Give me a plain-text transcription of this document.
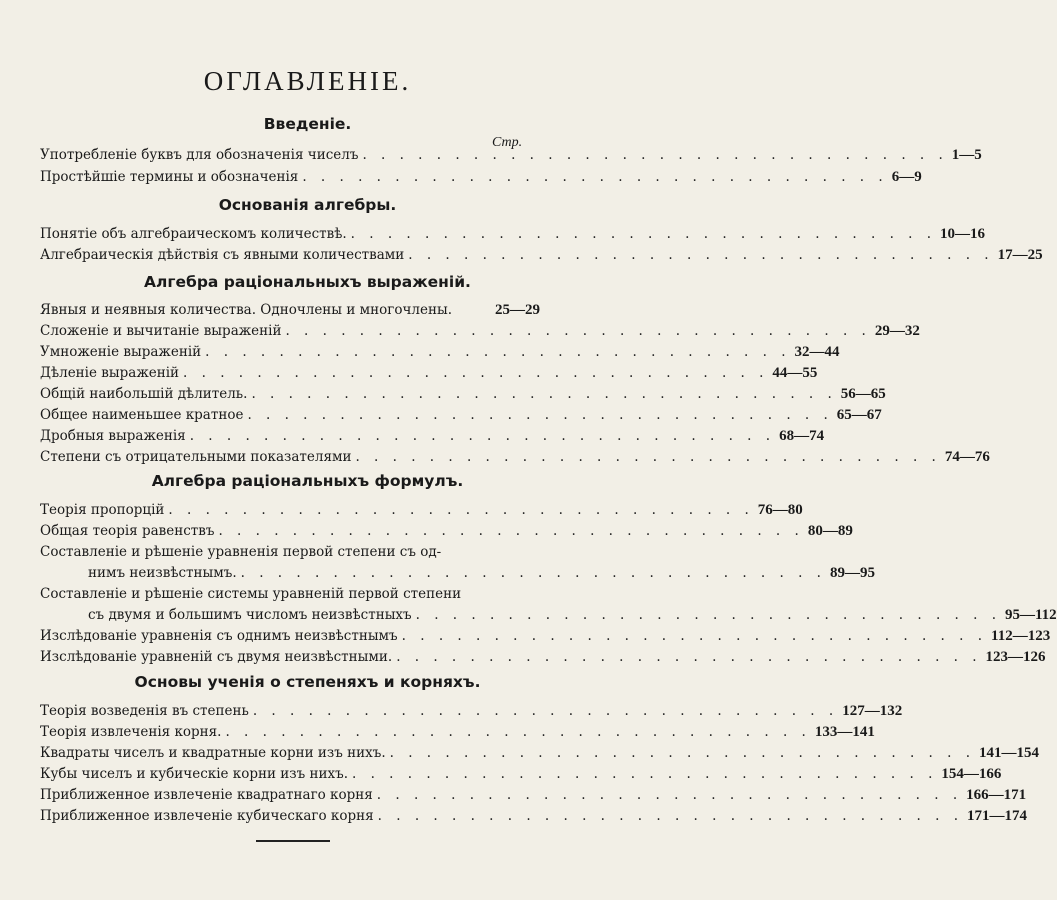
ОГЛАВЛЕНІЕ.
Стр.
Введеніе.
Употребленіе буквъ для обозначенія чиселъ . . . . . . . . . . . . . . . . . . . . . . . . . . . . . . . . 1—5
Простѣйшіе термины и обозначенія . . . . . . . . . . . . . . . . . . . . . . . . . . . . . . . . 6—9
Основанія алгебры.
Понятіе объ алгебраическомъ количествѣ. . . . . . . . . . . . . . . . . . . . . . . . . . . . . . . . . 10—16
Алгебраическія дѣйствія съ явными количествами . . . . . . . . . . . . . . . . . . . . . . . . . . . . . . . . 17—25
Алгебра раціональныхъ выраженій.
Явныя и неявныя количества. Одночлены и многочлены.	25—29
Сложеніе и вычитаніе выраженій . . . . . . . . . . . . . . . . . . . . . . . . . . . . . . . . 29—32
Умноженіе выраженій . . . . . . . . . . . . . . . . . . . . . . . . . . . . . . . . 32—44
Дѣленіе выраженій . . . . . . . . . . . . . . . . . . . . . . . . . . . . . . . . 44—55
Общій наибольшій дѣлитель. . . . . . . . . . . . . . . . . . . . . . . . . . . . . . . . . 56—65
Общее наименьшее кратное . . . . . . . . . . . . . . . . . . . . . . . . . . . . . . . . 65—67
Дробныя выраженія . . . . . . . . . . . . . . . . . . . . . . . . . . . . . . . . 68—74
Степени съ отрицательными показателями . . . . . . . . . . . . . . . . . . . . . . . . . . . . . . . . 74—76
Алгебра раціональныхъ формулъ.
Теорія пропорцій . . . . . . . . . . . . . . . . . . . . . . . . . . . . . . . . 76—80
Общая теорія равенствъ . . . . . . . . . . . . . . . . . . . . . . . . . . . . . . . . 80—89
Составленіе и рѣшеніе уравненія первой степени съ од-
нимъ неизвѣстнымъ. . . . . . . . . . . . . . . . . . . . . . . . . . . . . . . . . 89—95
Составленіе и рѣшеніе системы уравненій первой степени
съ двумя и большимъ числомъ неизвѣстныхъ . . . . . . . . . . . . . . . . . . . . . . . . . . . . . . . . 95—112
Изслѣдованіе уравненія съ однимъ неизвѣстнымъ . . . . . . . . . . . . . . . . . . . . . . . . . . . . . . . . 112—123
Изслѣдованіе уравненій съ двумя неизвѣстными. . . . . . . . . . . . . . . . . . . . . . . . . . . . . . . . . 123—126
Основы ученія о степеняхъ и корняхъ.
Теорія возведенія въ степень . . . . . . . . . . . . . . . . . . . . . . . . . . . . . . . . 127—132
Теорія извлеченія корня. . . . . . . . . . . . . . . . . . . . . . . . . . . . . . . . . 133—141
Квадраты чиселъ и квадратные корни изъ нихъ. . . . . . . . . . . . . . . . . . . . . . . . . . . . . . . . . 141—154
Кубы чиселъ и кубическіе корни изъ нихъ. . . . . . . . . . . . . . . . . . . . . . . . . . . . . . . . . 154—166
Приближенное извлеченіе квадратнаго корня . . . . . . . . . . . . . . . . . . . . . . . . . . . . . . . . 166—171
Приближенное извлеченіе кубическаго корня . . . . . . . . . . . . . . . . . . . . . . . . . . . . . . . . 171—174
